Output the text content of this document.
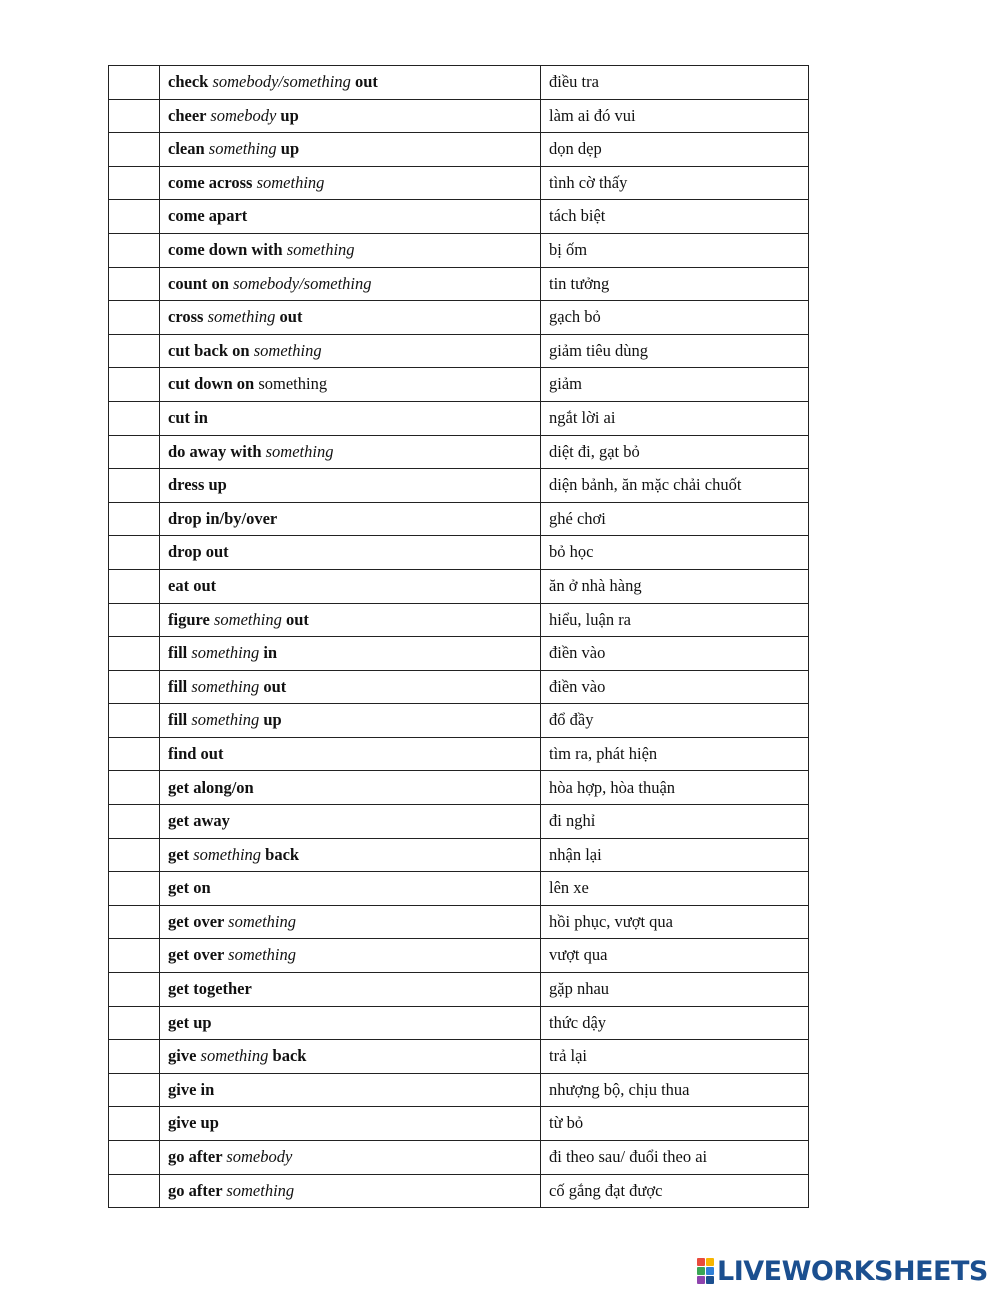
	check somebody/something out	điều tra
	cheer somebody up	làm ai đó vui
	clean something up	dọn dẹp
	come across something	tình cờ thấy
	come apart	tách biệt
	come down with something	bị ốm
	count on somebody/something	tin tưởng
	cross something out	gạch bỏ
	cut back on something	giảm tiêu dùng
	cut down on something	giảm
	cut in	ngắt lời ai
	do away with something	diệt đi, gạt bỏ
	dress up	diện bảnh, ăn mặc chải chuốt
	drop in/by/over	ghé chơi
	drop out	bỏ học
	eat out	ăn ở nhà hàng
	figure something out	hiểu, luận ra
	fill something in	điền vào
	fill something out	điền vào
	fill something up	đổ đầy
	find out	tìm ra, phát hiện
	get along/on	hòa hợp, hòa thuận
	get away	đi nghỉ
	get something back	nhận lại
	get on	lên xe
	get over something	hồi phục, vượt qua
	get over something	vượt qua
	get together	gặp nhau
	get up	thức dậy
	give something back	trả lại
	give in	nhượng bộ, chịu thua
	give up	từ bỏ
	go after somebody	đi theo sau/ đuổi theo ai
	go after something	cố gắng đạt được
LIVEWORKSHEETS
